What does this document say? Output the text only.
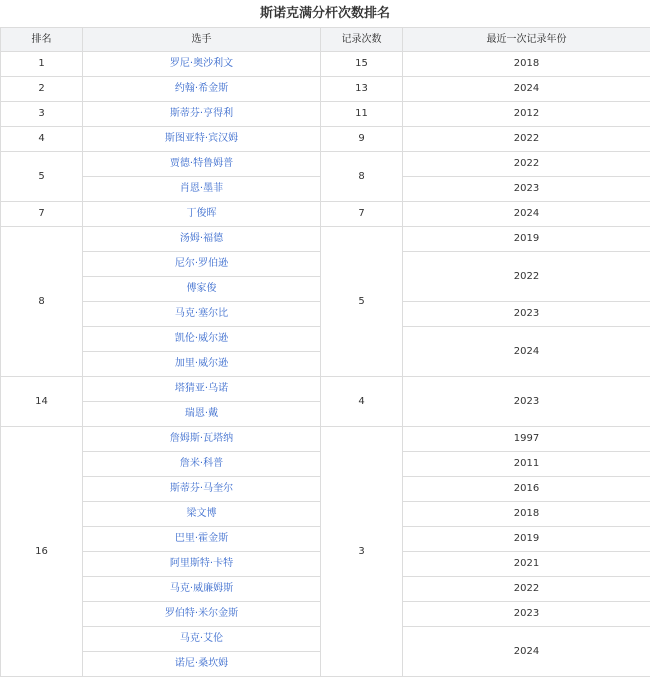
斯诺克满分杆次数排名
排名	选手	记录次数	最近一次记录年份
1	罗尼·奥沙利文	15	2018
2	约翰·希金斯	13	2024
3	斯蒂芬·亨得利	11	2012
4	斯图亚特·宾汉姆	9	2022
5	贾德·特鲁姆普	8	2022
	肖恩·墨菲		2023
7	丁俊晖	7	2024
8	汤姆·福德	5	2019
	尼尔·罗伯逊		2022
	傅家俊		
	马克·塞尔比		2023
	凯伦·威尔逊		2024
	加里·威尔逊		
14	塔猜亚·乌诺	4	2023
	瑞恩·戴		
16	詹姆斯·瓦塔纳	3	1997
	詹米·科普		2011
	斯蒂芬·马奎尔		2016
	梁文博		2018
	巴里·霍金斯		2019
	阿里斯特·卡特		2021
	马克·威廉姆斯		2022
	罗伯特·米尔金斯		2023
	马克·艾伦		2024
	诺尼·桑坎姆		
